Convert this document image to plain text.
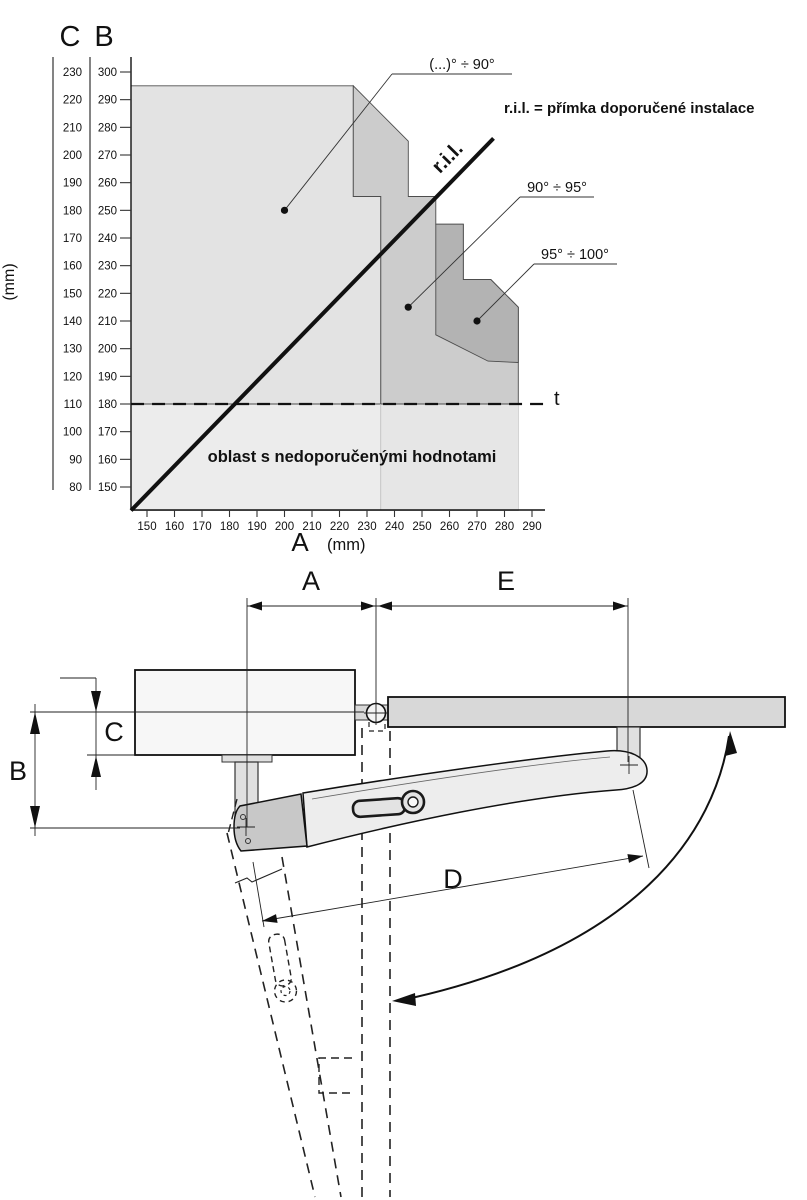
t
r.i.l.
C B
(mm)
A (mm)
300
290
280
270
260
250
240
230
220
210
200
190
180
170
160
150
230
220
210
200
190
180
170
160
150
140
130
120
110
100
90
80
150 160 170 180 190 200 210 220 230 240 250 260 270 280 290
r.i.l. = přímka doporučené instalace
oblast s nedoporučenými hodnotami
(...)° ÷ 90°
90° ÷ 95°
95° ÷ 100°
A	E
B
C
D
